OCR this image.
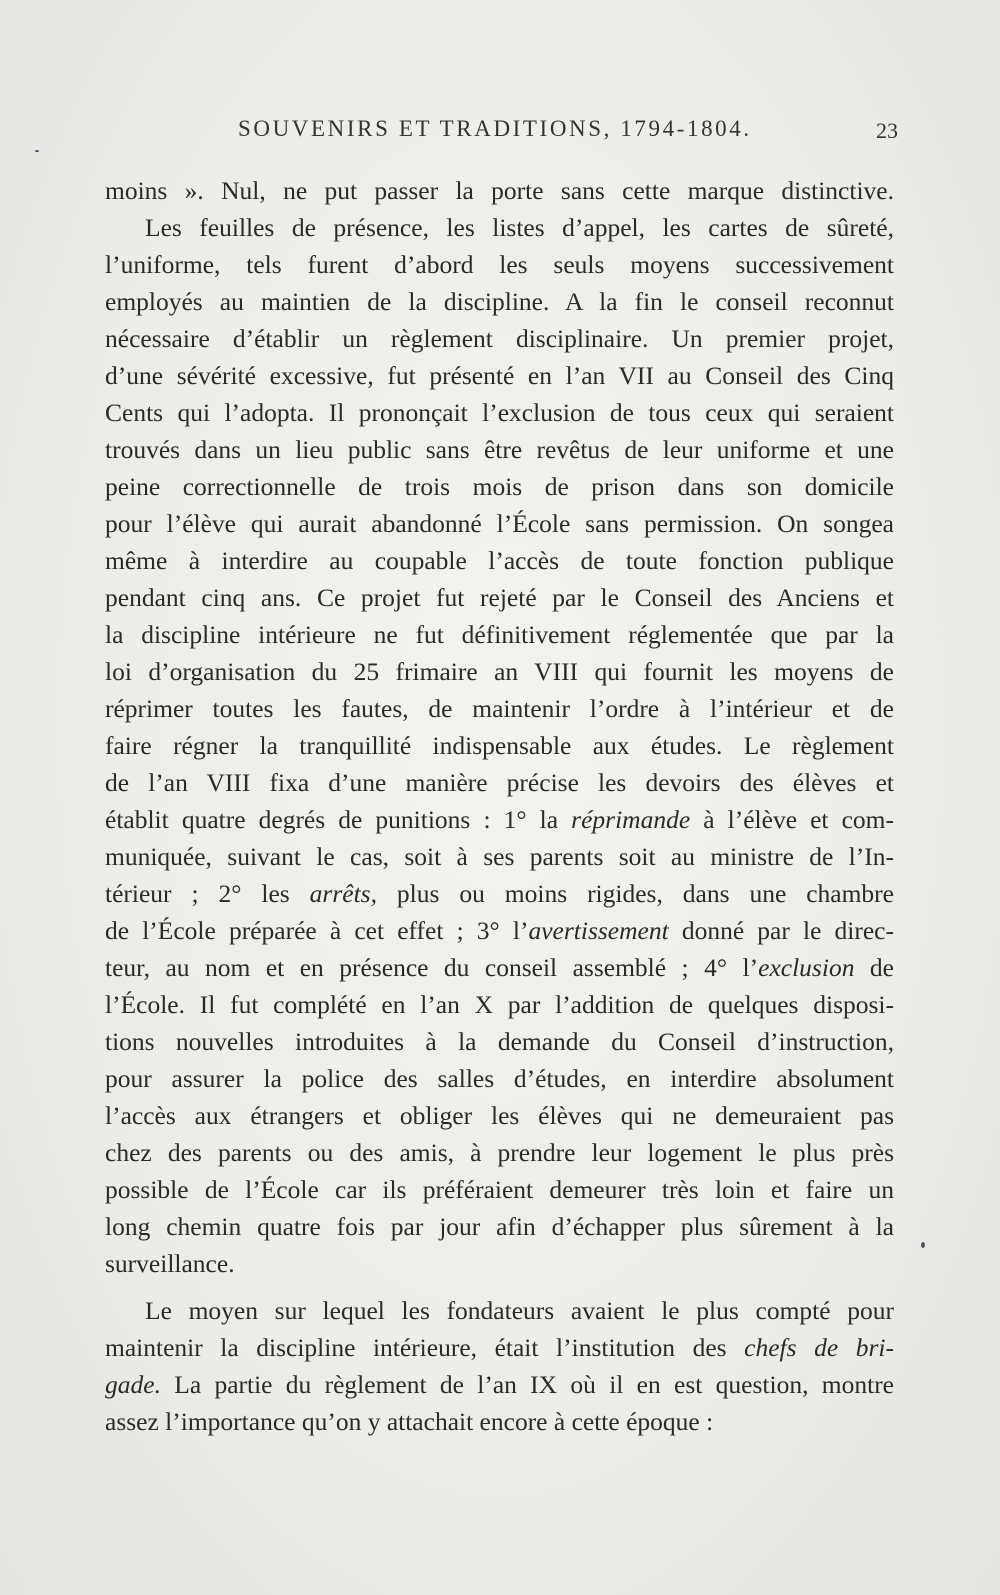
SOUVENIRS ET TRADITIONS, 1794-1804.	23
moins ». Nul, ne put passer la porte sans cette marque distinctive.
Les feuilles de présence, les listes d’appel, les cartes de sûreté,
l’uniforme, tels furent d’abord les seuls moyens successivement
employés au maintien de la discipline. A la fin le conseil reconnut
nécessaire d’établir un règlement disciplinaire. Un premier projet,
d’une sévérité excessive, fut présenté en l’an VII au Conseil des Cinq
Cents qui l’adopta. Il prononçait l’exclusion de tous ceux qui seraient
trouvés dans un lieu public sans être revêtus de leur uniforme et une
peine correctionnelle de trois mois de prison dans son domicile
pour l’élève qui aurait abandonné l’École sans permission. On songea
même à interdire au coupable l’accès de toute fonction publique
pendant cinq ans. Ce projet fut rejeté par le Conseil des Anciens et
la discipline intérieure ne fut définitivement réglementée que par la
loi d’organisation du 25 frimaire an VIII qui fournit les moyens de
réprimer toutes les fautes, de maintenir l’ordre à l’intérieur et de
faire régner la tranquillité indispensable aux études. Le règlement
de l’an VIII fixa d’une manière précise les devoirs des élèves et
établit quatre degrés de punitions : 1° la réprimande à l’élève et com-
muniquée, suivant le cas, soit à ses parents soit au ministre de l’In-
térieur ; 2° les arrêts, plus ou moins rigides, dans une chambre
de l’École préparée à cet effet ; 3° l’avertissement donné par le direc-
teur, au nom et en présence du conseil assemblé ; 4° l’exclusion de
l’École. Il fut complété en l’an X par l’addition de quelques disposi-
tions nouvelles introduites à la demande du Conseil d’instruction,
pour assurer la police des salles d’études, en interdire absolument
l’accès aux étrangers et obliger les élèves qui ne demeuraient pas
chez des parents ou des amis, à prendre leur logement le plus près
possible de l’École car ils préféraient demeurer très loin et faire un
long chemin quatre fois par jour afin d’échapper plus sûrement à la
surveillance.
Le moyen sur lequel les fondateurs avaient le plus compté pour
maintenir la discipline intérieure, était l’institution des chefs de bri-
gade. La partie du règlement de l’an IX où il en est question, montre
assez l’importance qu’on y attachait encore à cette époque :
